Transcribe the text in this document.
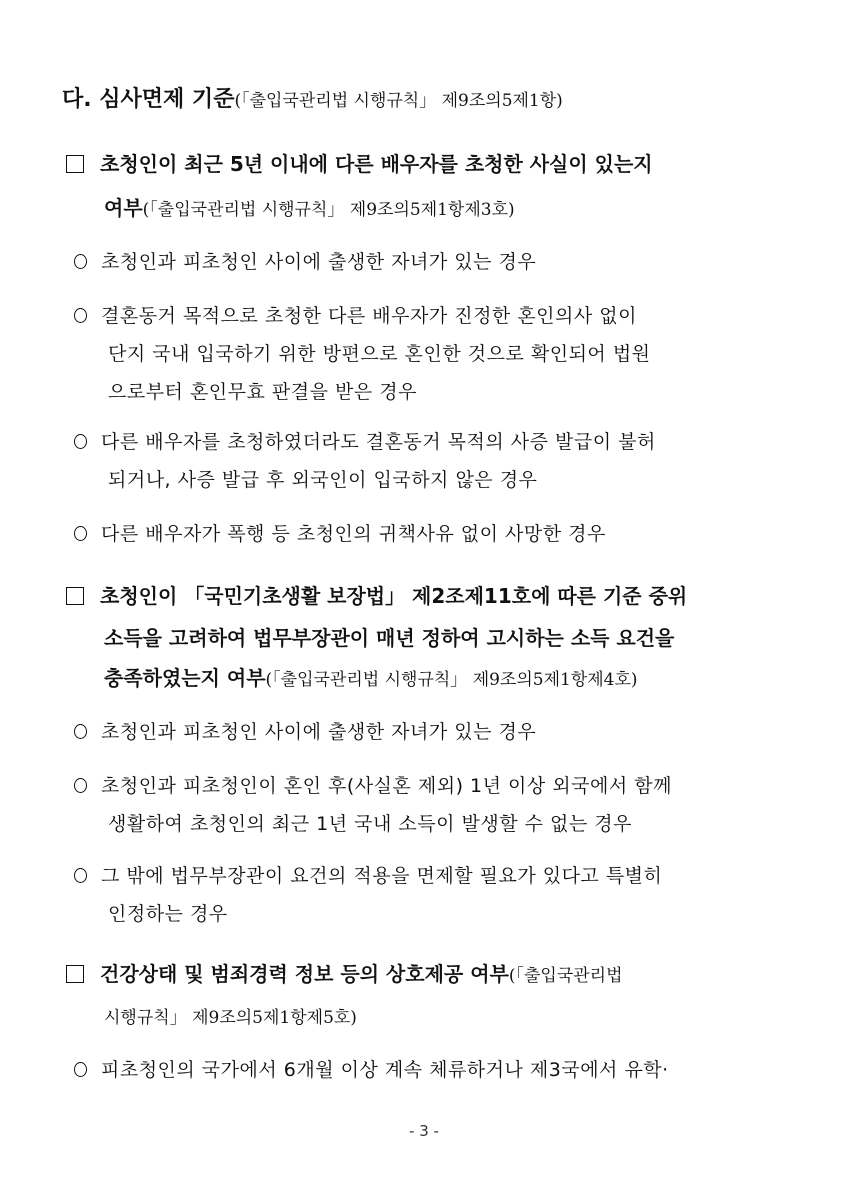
다. 심사면제 기준(「출입국관리법 시행규칙」 제9조의5제1항)
초청인이 최근 5년 이내에 다른 배우자를 초청한 사실이 있는지
여부(「출입국관리법 시행규칙」 제9조의5제1항제3호)
초청인과 피초청인 사이에 출생한 자녀가 있는 경우
결혼동거 목적으로 초청한 다른 배우자가 진정한 혼인의사 없이
단지 국내 입국하기 위한 방편으로 혼인한 것으로 확인되어 법원
으로부터 혼인무효 판결을 받은 경우
다른 배우자를 초청하였더라도 결혼동거 목적의 사증 발급이 불허
되거나, 사증 발급 후 외국인이 입국하지 않은 경우
다른 배우자가 폭행 등 초청인의 귀책사유 없이 사망한 경우
초청인이 「국민기초생활 보장법」 제2조제11호에 따른 기준 중위
소득을 고려하여 법무부장관이 매년 정하여 고시하는 소득 요건을
충족하였는지 여부(「출입국관리법 시행규칙」 제9조의5제1항제4호)
초청인과 피초청인 사이에 출생한 자녀가 있는 경우
초청인과 피초청인이 혼인 후(사실혼 제외) 1년 이상 외국에서 함께
생활하여 초청인의 최근 1년 국내 소득이 발생할 수 없는 경우
그 밖에 법무부장관이 요건의 적용을 면제할 필요가 있다고 특별히
인정하는 경우
건강상태 및 범죄경력 정보 등의 상호제공 여부(「출입국관리법
시행규칙」 제9조의5제1항제5호)
피초청인의 국가에서 6개월 이상 계속 체류하거나 제3국에서 유학·
- 3 -
